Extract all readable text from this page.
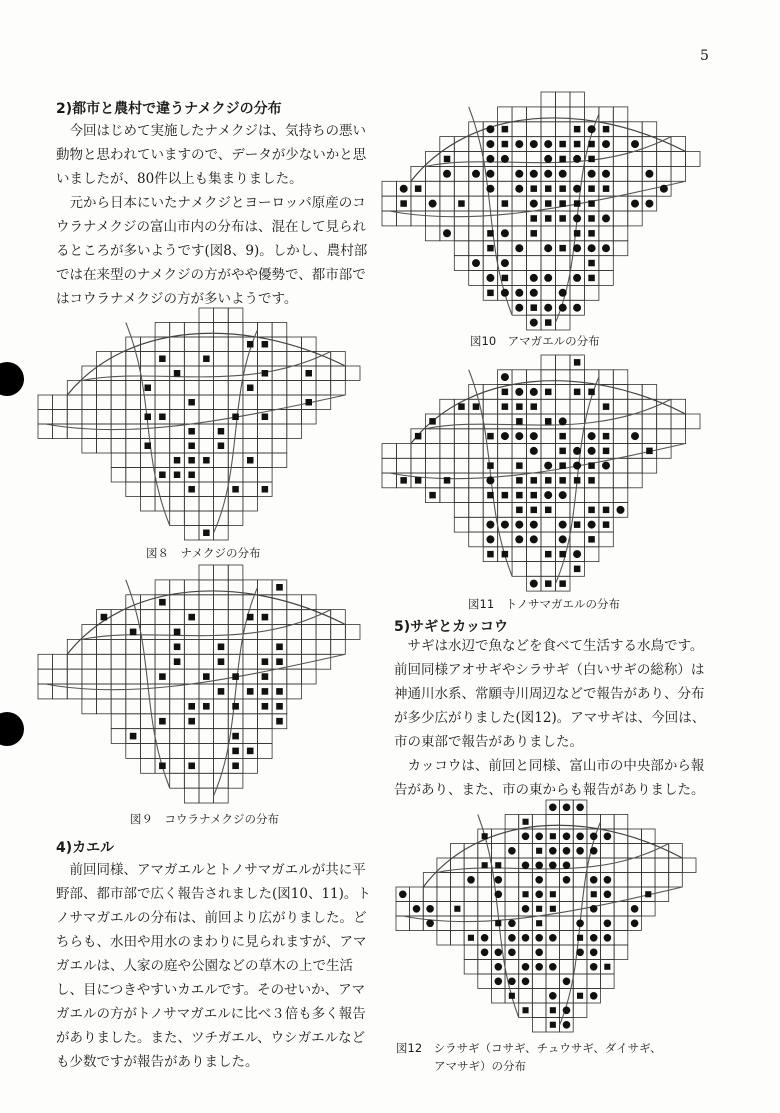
5
2)都市と農村で違うナメクジの分布

今回はじめて実施したナメクジは、気持ちの悪い動物と思われていますので、データが少ないかと思いましたが、80件以上も集まりました。

元から日本にいたナメクジとヨーロッパ原産のコウラナメクジの富山市内の分布は、混在して見られるところが多いようです(図8、9)。しかし、農村部では在来型のナメクジの方がやや優勢で、都市部ではコウラナメクジの方が多いようです。

図８　ナメクジの分布
図９　コウラナメクジの分布
4)カエル

前回同様、アマガエルとトノサマガエルが共に平野部、都市部で広く報告されました(図10、11)。トノサマガエルの分布は、前回より広がりました。どちらも、水田や用水のまわりに見られますが、アマガエルは、人家の庭や公園などの草木の上で生活し、目につきやすいカエルです。そのせいか、アマガエルの方がトノサマガエルに比べ３倍も多く報告がありました。また、ツチガエル、ウシガエルなども少数ですが報告がありました。

図10　アマガエルの分布
図11　トノサマガエルの分布
5)サギとカッコウ

サギは水辺で魚などを食べて生活する水鳥です。前回同様アオサギやシラサギ（白いサギの総称）は神通川水系、常願寺川周辺などで報告があり、分布が多少広がりました(図12)。アマサギは、今回は、市の東部で報告がありました。

カッコウは、前回と同様、富山市の中央部から報告があり、また、市の東からも報告がありました。

図12　シラサギ（コサギ、チュウサギ、ダイサギ、
アマサギ）の分布
